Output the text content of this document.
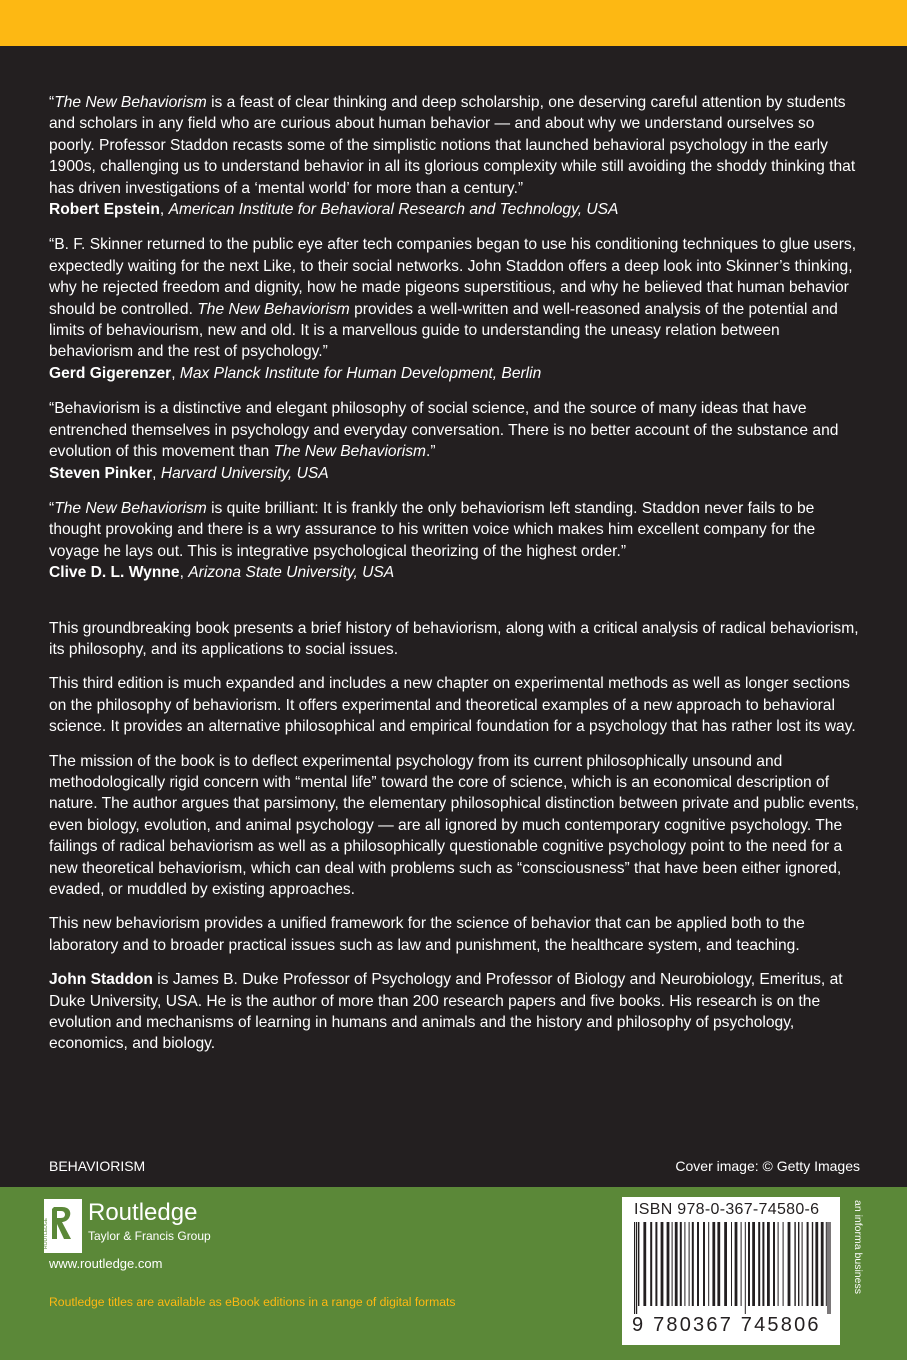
“The New Behaviorism is a feast of clear thinking and deep scholarship, one deserving careful attention by students and scholars in any field who are curious about human behavior — and about why we understand ourselves so poorly. Professor Staddon recasts some of the simplistic notions that launched behavioral psychology in the early 1900s, challenging us to understand behavior in all its glorious complexity while still avoiding the shoddy thinking that has driven investigations of a ‘mental world’ for more than a century.”
Robert Epstein, American Institute for Behavioral Research and Technology, USA

“B. F. Skinner returned to the public eye after tech companies began to use his conditioning techniques to glue users, expectedly waiting for the next Like, to their social networks. John Staddon offers a deep look into Skinner’s thinking, why he rejected freedom and dignity, how he made pigeons superstitious, and why he believed that human behavior should be controlled. The New Behaviorism provides a well-written and well-reasoned analysis of the potential and limits of behaviourism, new and old. It is a marvellous guide to understanding the uneasy relation between behaviorism and the rest of psychology.”
Gerd Gigerenzer, Max Planck Institute for Human Development, Berlin

“Behaviorism is a distinctive and elegant philosophy of social science, and the source of many ideas that have entrenched themselves in psychology and everyday conversation. There is no better account of the substance and evolution of this movement than The New Behaviorism.”
Steven Pinker, Harvard University, USA

“The New Behaviorism is quite brilliant: It is frankly the only behaviorism left standing. Staddon never fails to be thought provoking and there is a wry assurance to his written voice which makes him excellent company for the voyage he lays out. This is integrative psychological theorizing of the highest order.”
Clive D. L. Wynne, Arizona State University, USA

This groundbreaking book presents a brief history of behaviorism, along with a critical analysis of radical behaviorism, its philosophy, and its applications to social issues.

This third edition is much expanded and includes a new chapter on experimental methods as well as longer sections on the philosophy of behaviorism. It offers experimental and theoretical examples of a new approach to behavioral science. It provides an alternative philosophical and empirical foundation for a psychology that has rather lost its way.

The mission of the book is to deflect experimental psychology from its current philosophically unsound and methodologically rigid concern with “mental life” toward the core of science, which is an economical description of nature. The author argues that parsimony, the elementary philosophical distinction between private and public events, even biology, evolution, and animal psychology — are all ignored by much contemporary cognitive psychology. The failings of radical behaviorism as well as a philosophically questionable cognitive psychology point to the need for a new theoretical behaviorism, which can deal with problems such as “consciousness” that have been either ignored, evaded, or muddled by existing approaches.

This new behaviorism provides a unified framework for the science of behavior that can be applied both to the laboratory and to broader practical issues such as law and punishment, the healthcare system, and teaching.

John Staddon is James B. Duke Professor of Psychology and Professor of Biology and Neurobiology, Emeritus, at Duke University, USA. He is the author of more than 200 research papers and five books. His research is on the evolution and mechanisms of learning in humans and animals and the history and philosophy of psychology, economics, and biology.

BEHAVIORISM	Cover image: © Getty Images
ROUTLEDGE
Routledge
Taylor & Francis Group
www.routledge.com
Routledge titles are available as eBook editions in a range of digital formats
ISBN 978-0-367-74580-6
9 780367 745806
an informa business
